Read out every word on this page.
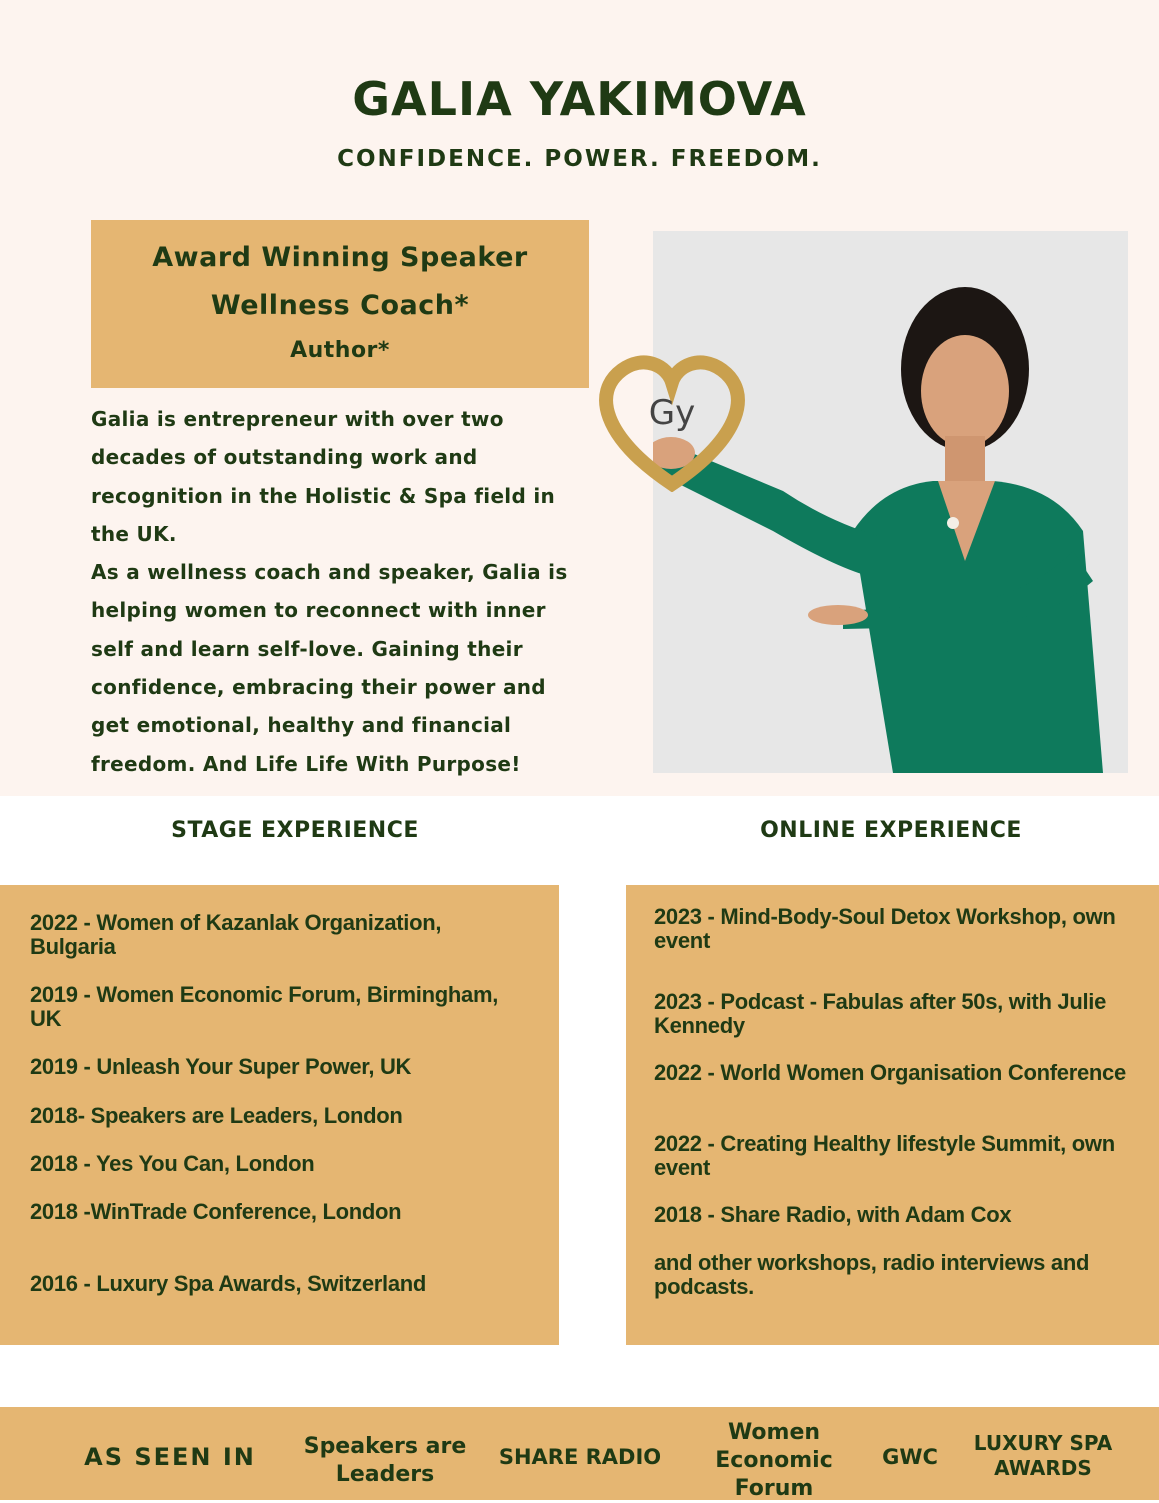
GALIA YAKIMOVA
CONFIDENCE. POWER. FREEDOM.
Award Winning Speaker
Wellness Coach*
Author*

Galia is entrepreneur with over two decades of outstanding work and recognition in the Holistic & Spa field in the UK.

As a wellness coach and speaker, Galia is helping women to reconnect with inner self and learn self-love. Gaining their confidence, embracing their power and get emotional, healthy and financial freedom. And Life Life With Purpose!

Gy
STAGE EXPERIENCE	ONLINE EXPERIENCE
2022 - Women of Kazanlak Organization, Bulgaria
2019 - Women Economic Forum, Birmingham, UK
2019 - Unleash Your Super Power, UK
2018- Speakers are Leaders, London
2018 - Yes You Can, London
2018 -WinTrade Conference, London
2016 - Luxury Spa Awards, Switzerland
2023 - Mind-Body-Soul Detox Workshop, own event
2023 - Podcast - Fabulas after 50s, with Julie Kennedy
2022 - World Women Organisation Conference
2022 - Creating Healthy lifestyle Summit, own event
2018 - Share Radio, with Adam Cox
and other workshops, radio interviews and podcasts.
AS SEEN IN	Speakers are Leaders
SHARE RADIO
Women Economic Forum
GWC
LUXURY SPA AWARDS
